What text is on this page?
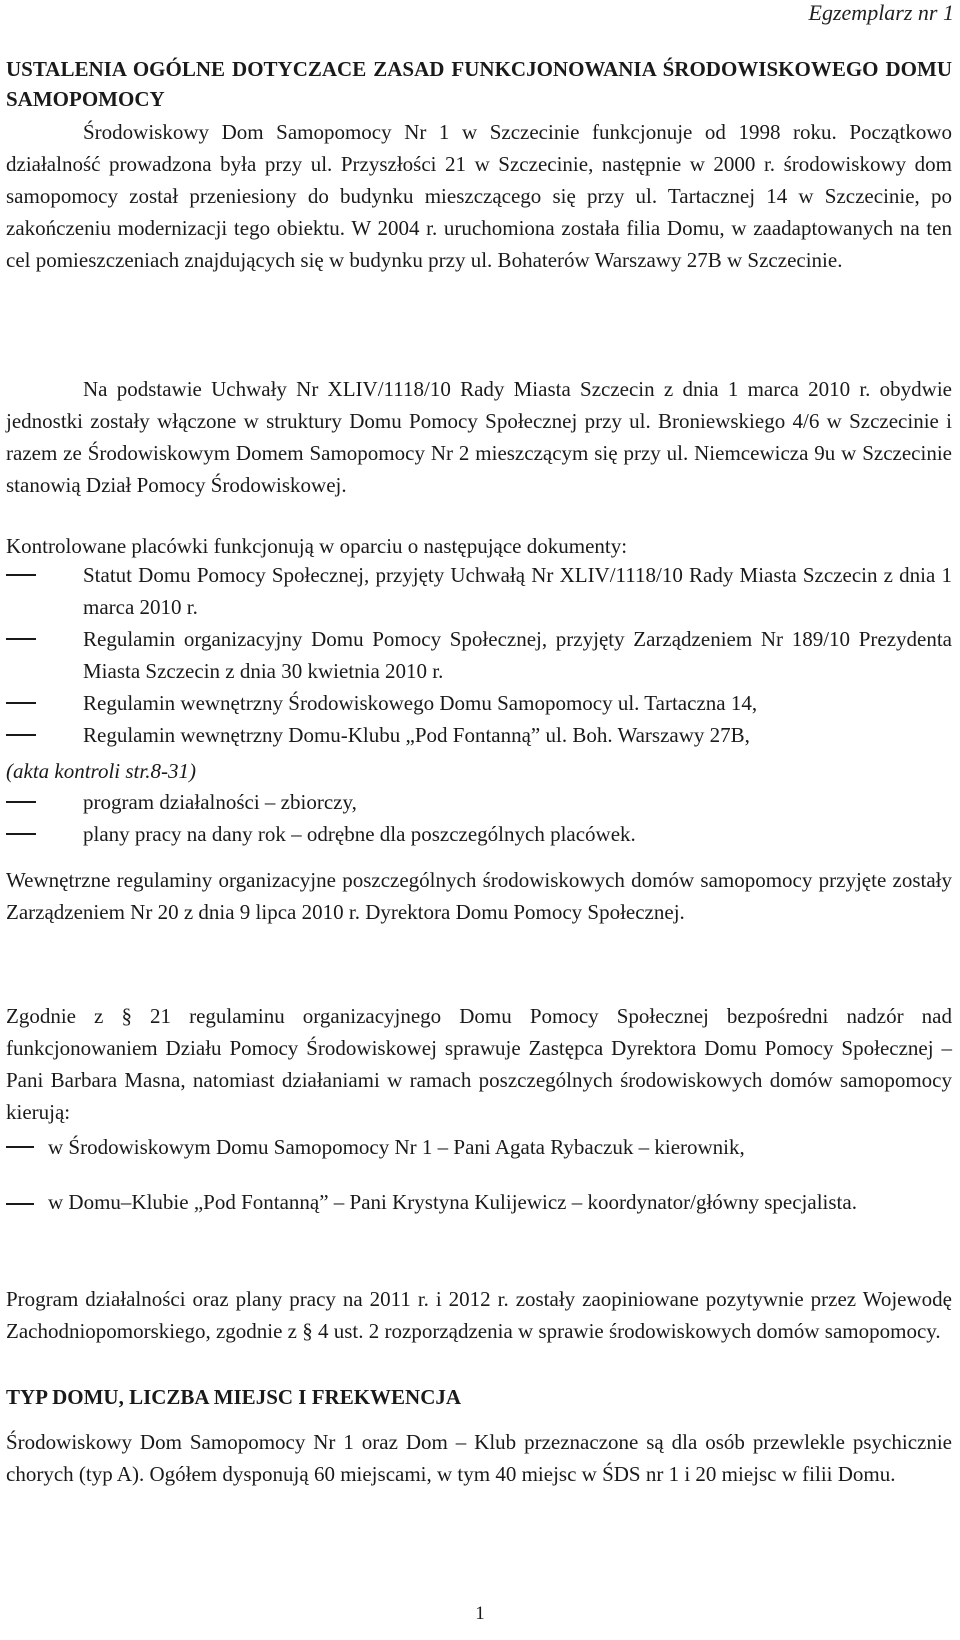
Egzemplarz nr 1
USTALENIA OGÓLNE DOTYCZACE ZASAD FUNKCJONOWANIA ŚRODOWISKOWEGO DOMU SAMOPOMOCY
Środowiskowy Dom Samopomocy Nr 1 w Szczecinie funkcjonuje od 1998 roku. Początkowo działalność prowadzona była przy ul. Przyszłości 21 w Szczecinie, następnie w 2000 r. środowiskowy dom samopomocy został przeniesiony do budynku mieszczącego się przy ul. Tartacznej 14 w Szczecinie, po zakończeniu modernizacji tego obiektu. W 2004 r. uruchomiona została filia Domu, w zaadaptowanych na ten cel pomieszczeniach znajdujących się w budynku przy ul. Bohaterów Warszawy 27B w Szczecinie.
Na podstawie Uchwały Nr XLIV/1118/10 Rady Miasta Szczecin z dnia 1 marca 2010 r. obydwie jednostki zostały włączone w struktury Domu Pomocy Społecznej przy ul. Broniewskiego 4/6 w Szczecinie i razem ze Środowiskowym Domem Samopomocy Nr 2 mieszczącym się przy ul. Niemcewicza 9u w Szczecinie stanowią Dział Pomocy Środowiskowej.
Kontrolowane placówki funkcjonują w oparciu o następujące dokumenty:
Statut Domu Pomocy Społecznej, przyjęty Uchwałą Nr XLIV/1118/10 Rady Miasta Szczecin z dnia 1 marca 2010 r.
Regulamin organizacyjny Domu Pomocy Społecznej, przyjęty Zarządzeniem Nr 189/10 Prezydenta Miasta Szczecin z dnia 30 kwietnia 2010 r.
Regulamin wewnętrzny Środowiskowego Domu Samopomocy ul. Tartaczna 14,
Regulamin wewnętrzny Domu-Klubu „Pod Fontanną” ul. Boh. Warszawy 27B,
(akta kontroli str.8-31)
program działalności – zbiorczy,
plany pracy na dany rok – odrębne dla poszczególnych placówek.
Wewnętrzne regulaminy organizacyjne poszczególnych środowiskowych domów samopomocy przyjęte zostały Zarządzeniem Nr 20 z dnia 9 lipca 2010 r. Dyrektora Domu Pomocy Społecznej.
Zgodnie z § 21 regulaminu organizacyjnego Domu Pomocy Społecznej bezpośredni nadzór nad funkcjonowaniem Działu Pomocy Środowiskowej sprawuje Zastępca Dyrektora Domu Pomocy Społecznej – Pani Barbara Masna, natomiast działaniami w ramach poszczególnych środowiskowych domów samopomocy kierują:
w Środowiskowym Domu Samopomocy Nr 1 – Pani Agata Rybaczuk – kierownik,
w Domu–Klubie „Pod Fontanną” – Pani Krystyna Kulijewicz – koordynator/główny specjalista.
Program działalności oraz plany pracy na 2011 r. i 2012 r. zostały zaopiniowane pozytywnie przez Wojewodę Zachodniopomorskiego, zgodnie z § 4 ust. 2 rozporządzenia w sprawie środowiskowych domów samopomocy.
TYP DOMU, LICZBA MIEJSC I FREKWENCJA
Środowiskowy Dom Samopomocy Nr 1 oraz Dom – Klub przeznaczone są dla osób przewlekle psychicznie chorych (typ A). Ogółem dysponują 60 miejscami, w tym 40 miejsc w ŚDS nr 1 i 20 miejsc w filii Domu.
1
